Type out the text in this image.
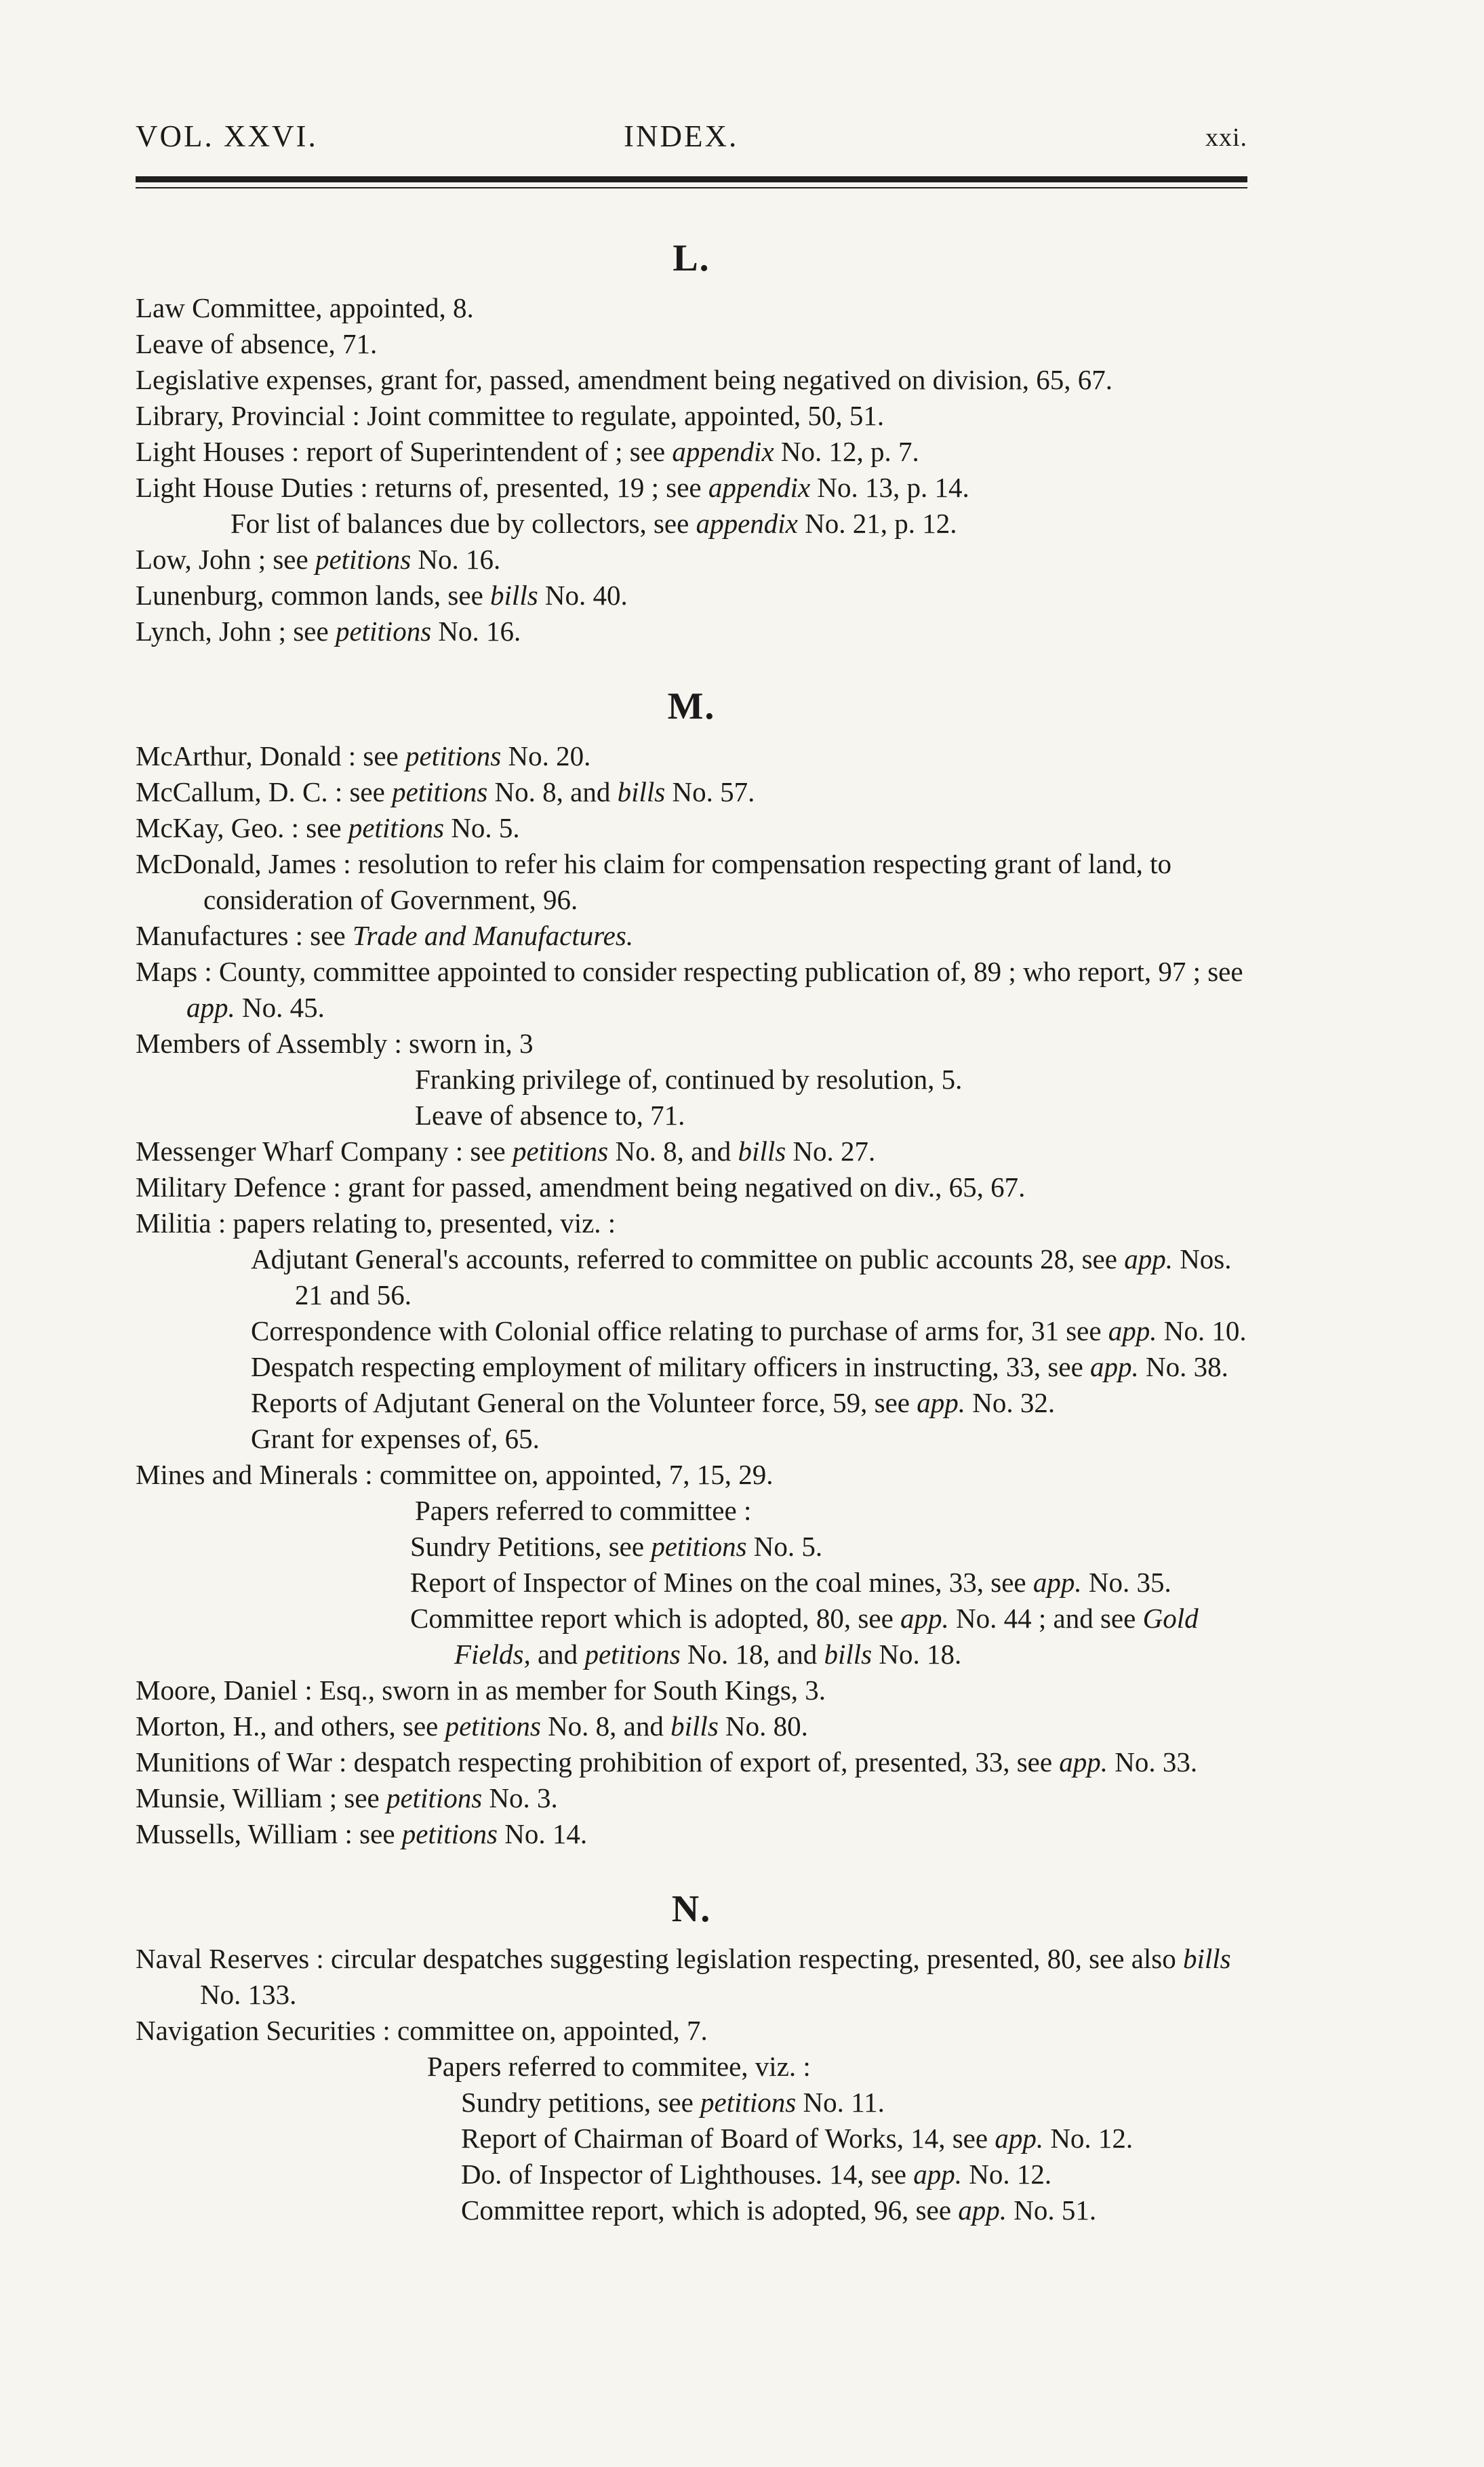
VOL. XXVI.	INDEX.	xxi.
L.
Law Committee, appointed, 8.
Leave of absence, 71.
Legislative expenses, grant for, passed, amendment being negatived on division, 65, 67.
Library, Provincial : Joint committee to regulate, appointed, 50, 51.
Light Houses : report of Superintendent of ; see appendix No. 12, p. 7.
Light House Duties : returns of, presented, 19 ; see appendix No. 13, p. 14.
For list of balances due by collectors, see appendix No. 21, p. 12.
Low, John ; see petitions No. 16.
Lunenburg, common lands, see bills No. 40.
Lynch, John ; see petitions No. 16.
M.
McArthur, Donald : see petitions No. 20.
McCallum, D. C. : see petitions No. 8, and bills No. 57.
McKay, Geo. : see petitions No. 5.
McDonald, James : resolution to refer his claim for compensation respecting grant of land, to consideration of Government, 96.
Manufactures : see Trade and Manufactures.
Maps : County, committee appointed to consider respecting publication of, 89 ; who report, 97 ; see app. No. 45.
Members of Assembly : sworn in, 3
Franking privilege of, continued by resolution, 5.
Leave of absence to, 71.
Messenger Wharf Company : see petitions No. 8, and bills No. 27.
Military Defence : grant for passed, amendment being negatived on div., 65, 67.
Militia : papers relating to, presented, viz. :
Adjutant General's accounts, referred to committee on public accounts 28, see app. Nos. 21 and 56.
Correspondence with Colonial office relating to purchase of arms for, 31 see app. No. 10.
Despatch respecting employment of military officers in instructing, 33, see app. No. 38.
Reports of Adjutant General on the Volunteer force, 59, see app. No. 32.
Grant for expenses of, 65.
Mines and Minerals : committee on, appointed, 7, 15, 29.
Papers referred to committee :
Sundry Petitions, see petitions No. 5.
Report of Inspector of Mines on the coal mines, 33, see app. No. 35.
Committee report which is adopted, 80, see app. No. 44 ; and see Gold Fields, and petitions No. 18, and bills No. 18.
Moore, Daniel : Esq., sworn in as member for South Kings, 3.
Morton, H., and others, see petitions No. 8, and bills No. 80.
Munitions of War : despatch respecting prohibition of export of, presented, 33, see app. No. 33.
Munsie, William ; see petitions No. 3.
Mussells, William : see petitions No. 14.
N.
Naval Reserves : circular despatches suggesting legislation respecting, presented, 80, see also bills No. 133.
Navigation Securities : committee on, appointed, 7.
Papers referred to commitee, viz. :
Sundry petitions, see petitions No. 11.
Report of Chairman of Board of Works, 14, see app. No. 12.
Do. of Inspector of Lighthouses. 14, see app. No. 12.
Committee report, which is adopted, 96, see app. No. 51.
